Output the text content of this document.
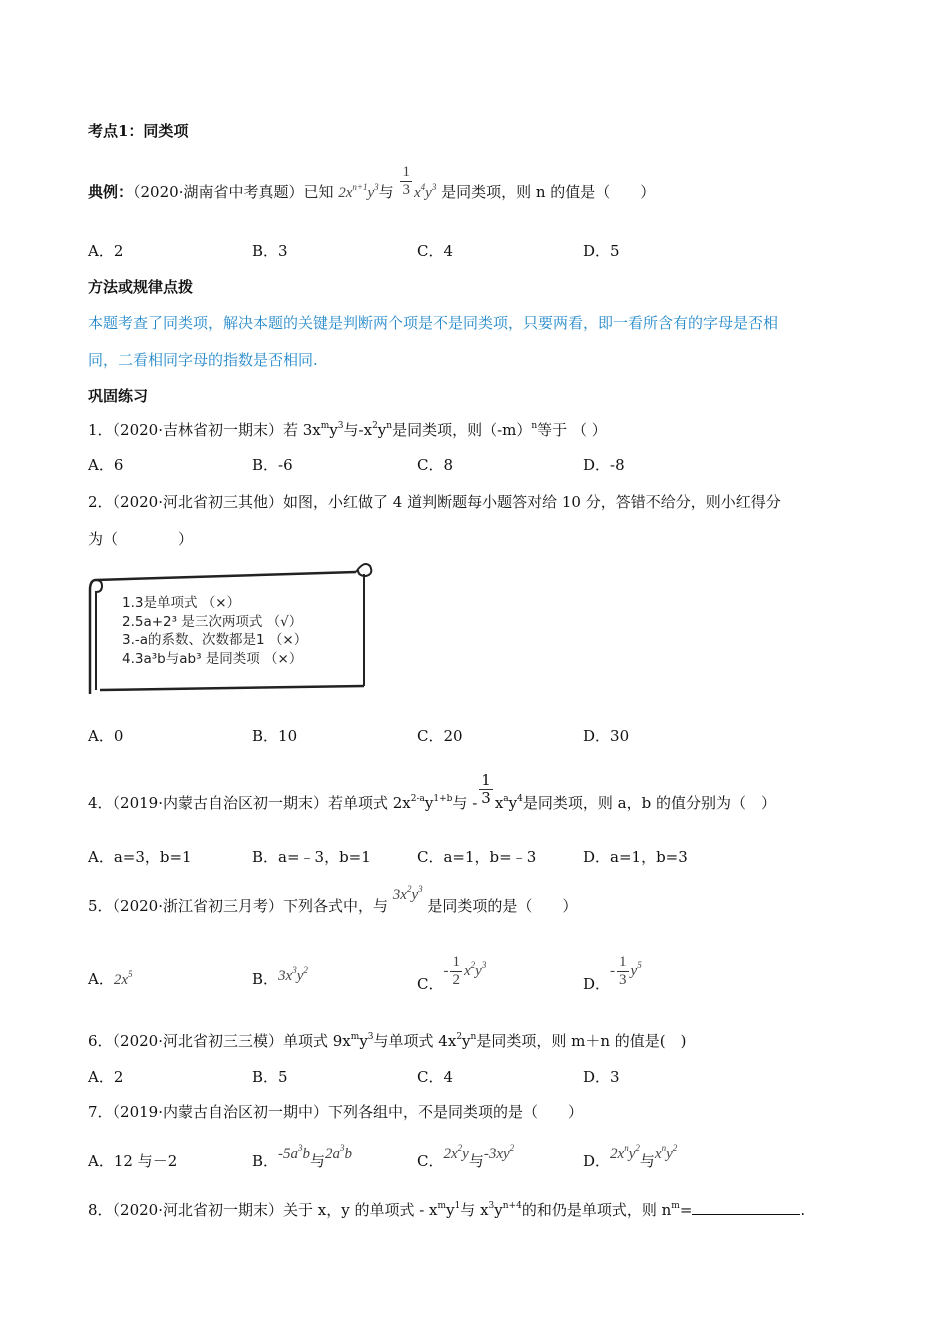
考点1：同类项
典例：（2020·湖南省中考真题）已知 $2x^{n+1}y^3$与 $\frac{1}{3} x^4y^3$ 是同类项，则 n 的值是（　　）
A．2	B．3	C．4	D．5
方法或规律点拨
本题考查了同类项，解决本题的关键是判断两个项是不是同类项，只要两看，即一看所含有的字母是否相
同，二看相同字母的指数是否相同.
巩固练习
1．（2020·吉林省初一期末）若 $3x^my^3$与$-x^2y^n$是同类项，则$(-m)^n$等于 （ ）
A．6	B．-6	C．8	D．-8
2．（2020·河北省初三其他）如图，小红做了 4 道判断题每小题答对给 10 分，答错不给分，则小红得分
为（　　　　）
1.3是单项式 （×）
2.5a+2³ 是三次两项式 （√）
3.-a的系数、次数都是1 （×）
4.3a³b与ab³ 是同类项 （×）
A．0	B．10	C．20	D．30
4．（2019·内蒙古自治区初一期末）若单项式 $2x^{2-a}y^{1+b}$与 - $\frac{1}{3} x^ay^4$是同类项，则 a，b 的值分别为（　）
A．a=3，b=1	B．a=﹣3，b=1	C．a=1，b=﹣3	D．a=1，b=3
5．（2020·浙江省初三月考）下列各式中，与 $3x^2y^3$ 是同类项的是（　　）
A．$2x^5$	B．$3x^3y^2$
C．- $\frac{1}{2} x^2y^3$
D．- $\frac{1}{3} y^5$
6．（2020·河北省初三三模）单项式 $9x^my^3$与单项式 $4x^2y^n$是同类项，则 m＋n 的值是(　)
A．2	B．5	C．4	D．3
7．（2019·内蒙古自治区初一期中）下列各组中，不是同类项的是（　　）
A．12 与－2	B．$-5a^3b$与$2a^3b$	C．$2x^2y$与$-3xy^2$
D．$2x^ny^2$与$x^ny^2$
8．（2020·河北省初一期末）关于 x，y 的单项式 - $x^my^1$与 $x^3y^{n+4}$的和仍是单项式，则 $n^m=$	.
